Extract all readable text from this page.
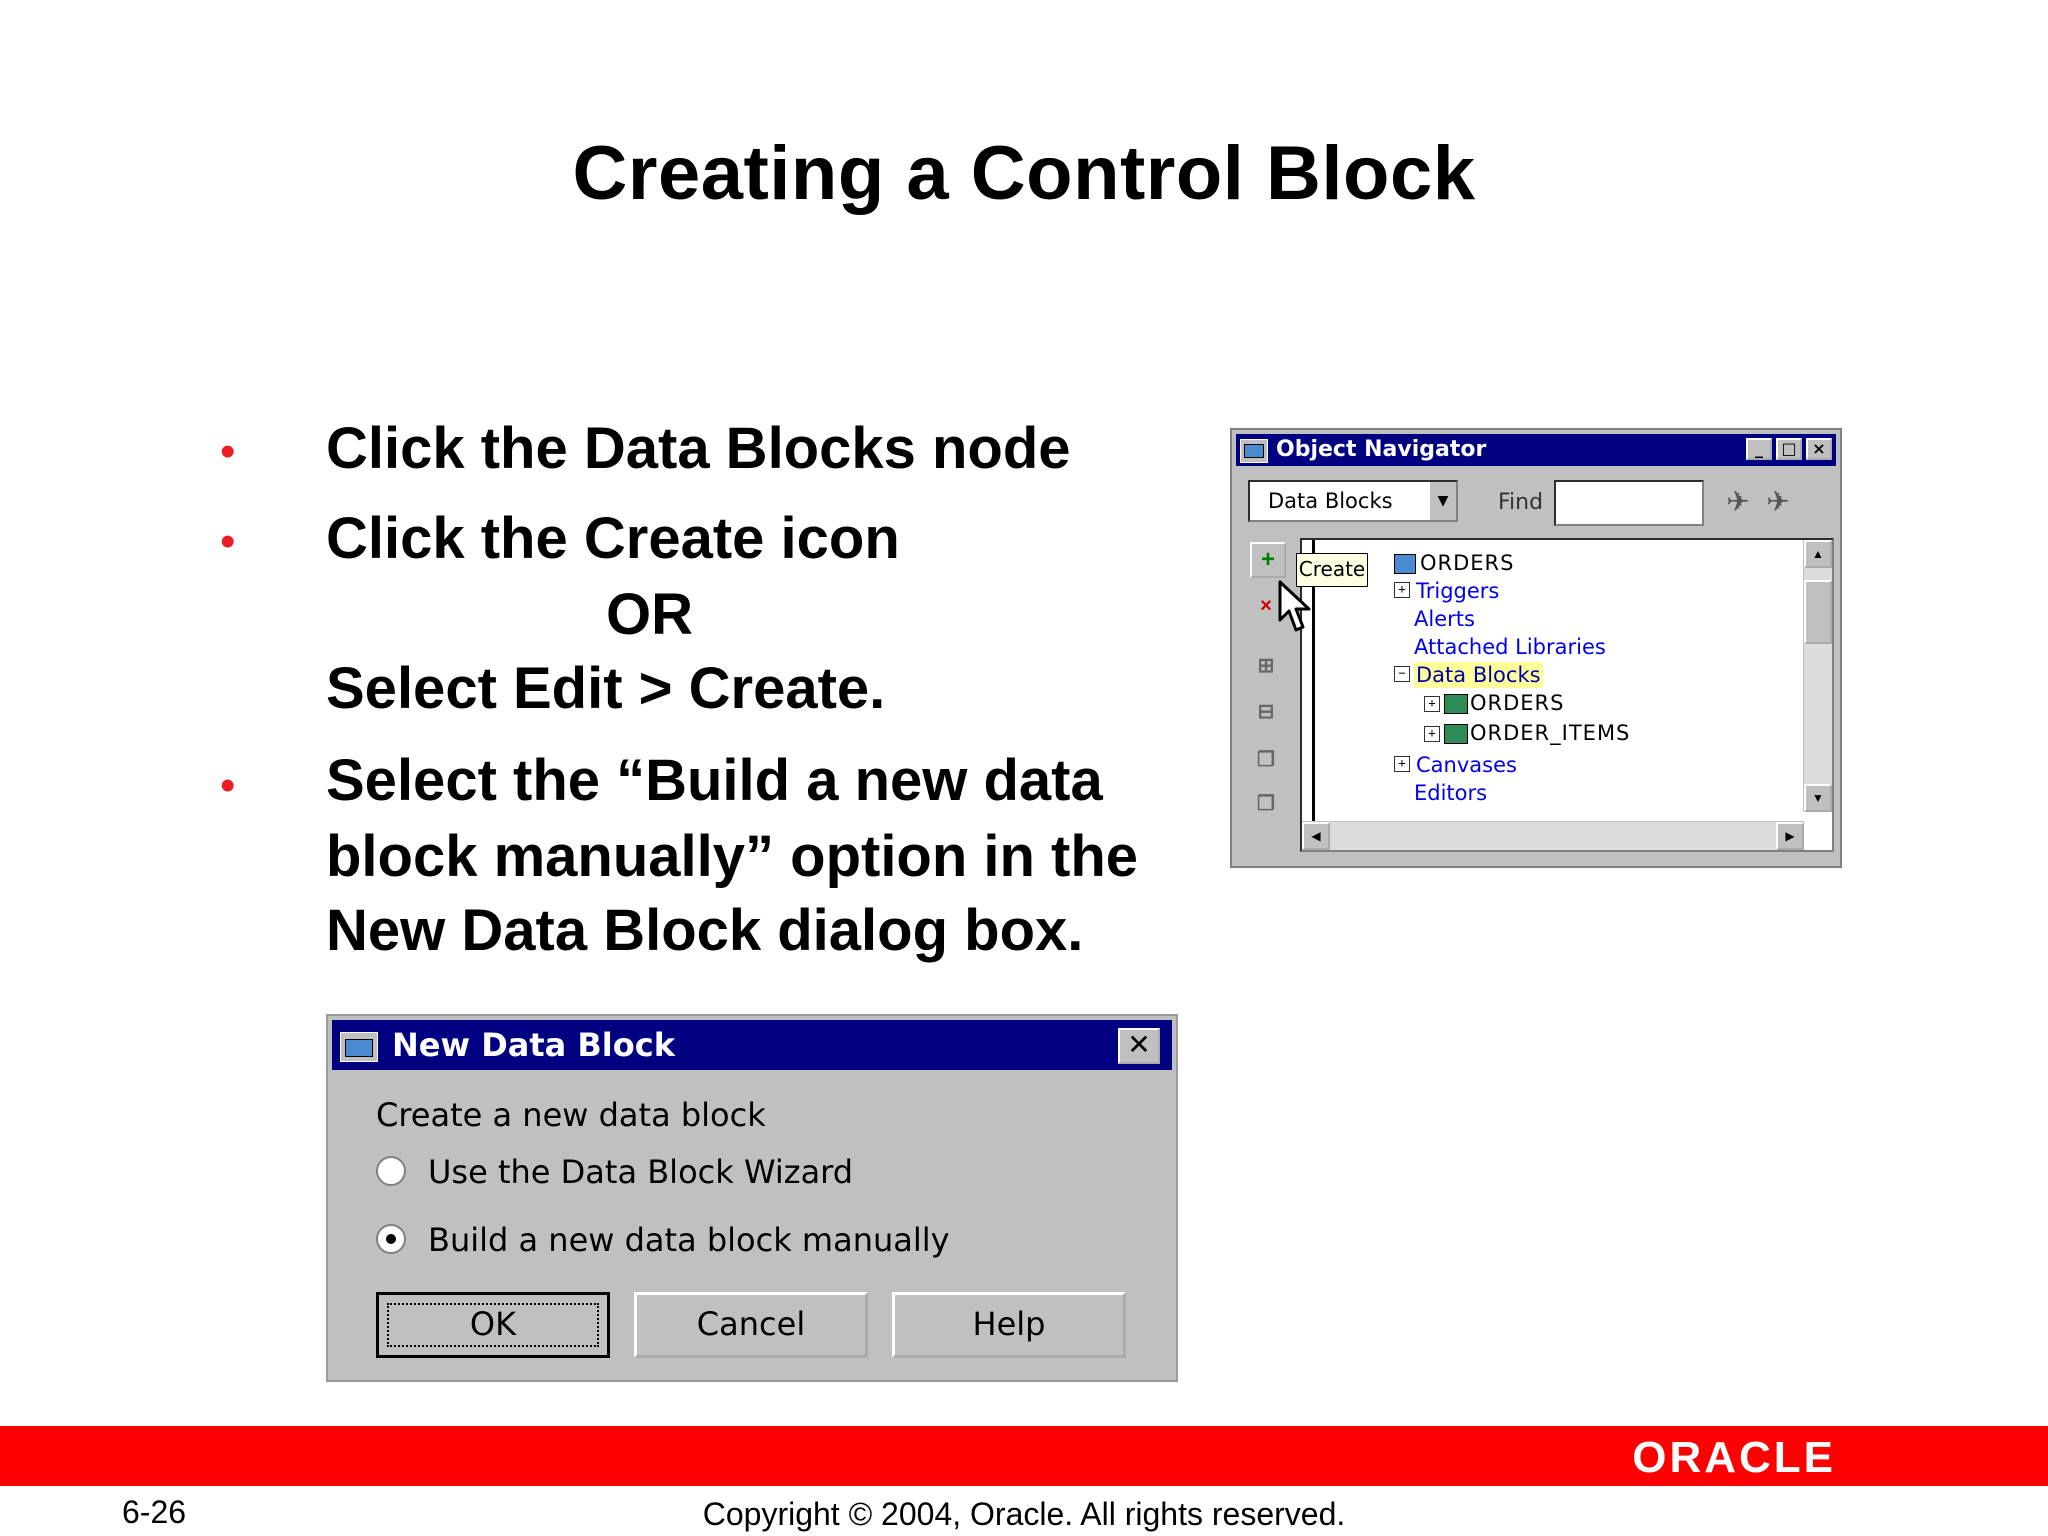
Creating a Control Block
• Click the Data Blocks node
• Click the Create icon
OR
Select Edit > Create.
• Select the “Build a new data
block manually” option in the
New Data Block dialog box.
Object Navigator	_	□ ×
Data Blocks	▼	Find	✈ ✈
+
×
⊞
⊟
❐
❐
ORDERS
+ Triggers
Alerts
Attached Libraries
− Data Blocks
+ ORDERS
+ ORDER_ITEMS
+ Canvases
Editors
▲
▼
◀	▶
Create
New Data Block	✕
Create a new data block
Use the Data Block Wizard
Build a new data block manually
OK	Cancel	Help
ORACLE
6-26	Copyright © 2004, Oracle. All rights reserved.
